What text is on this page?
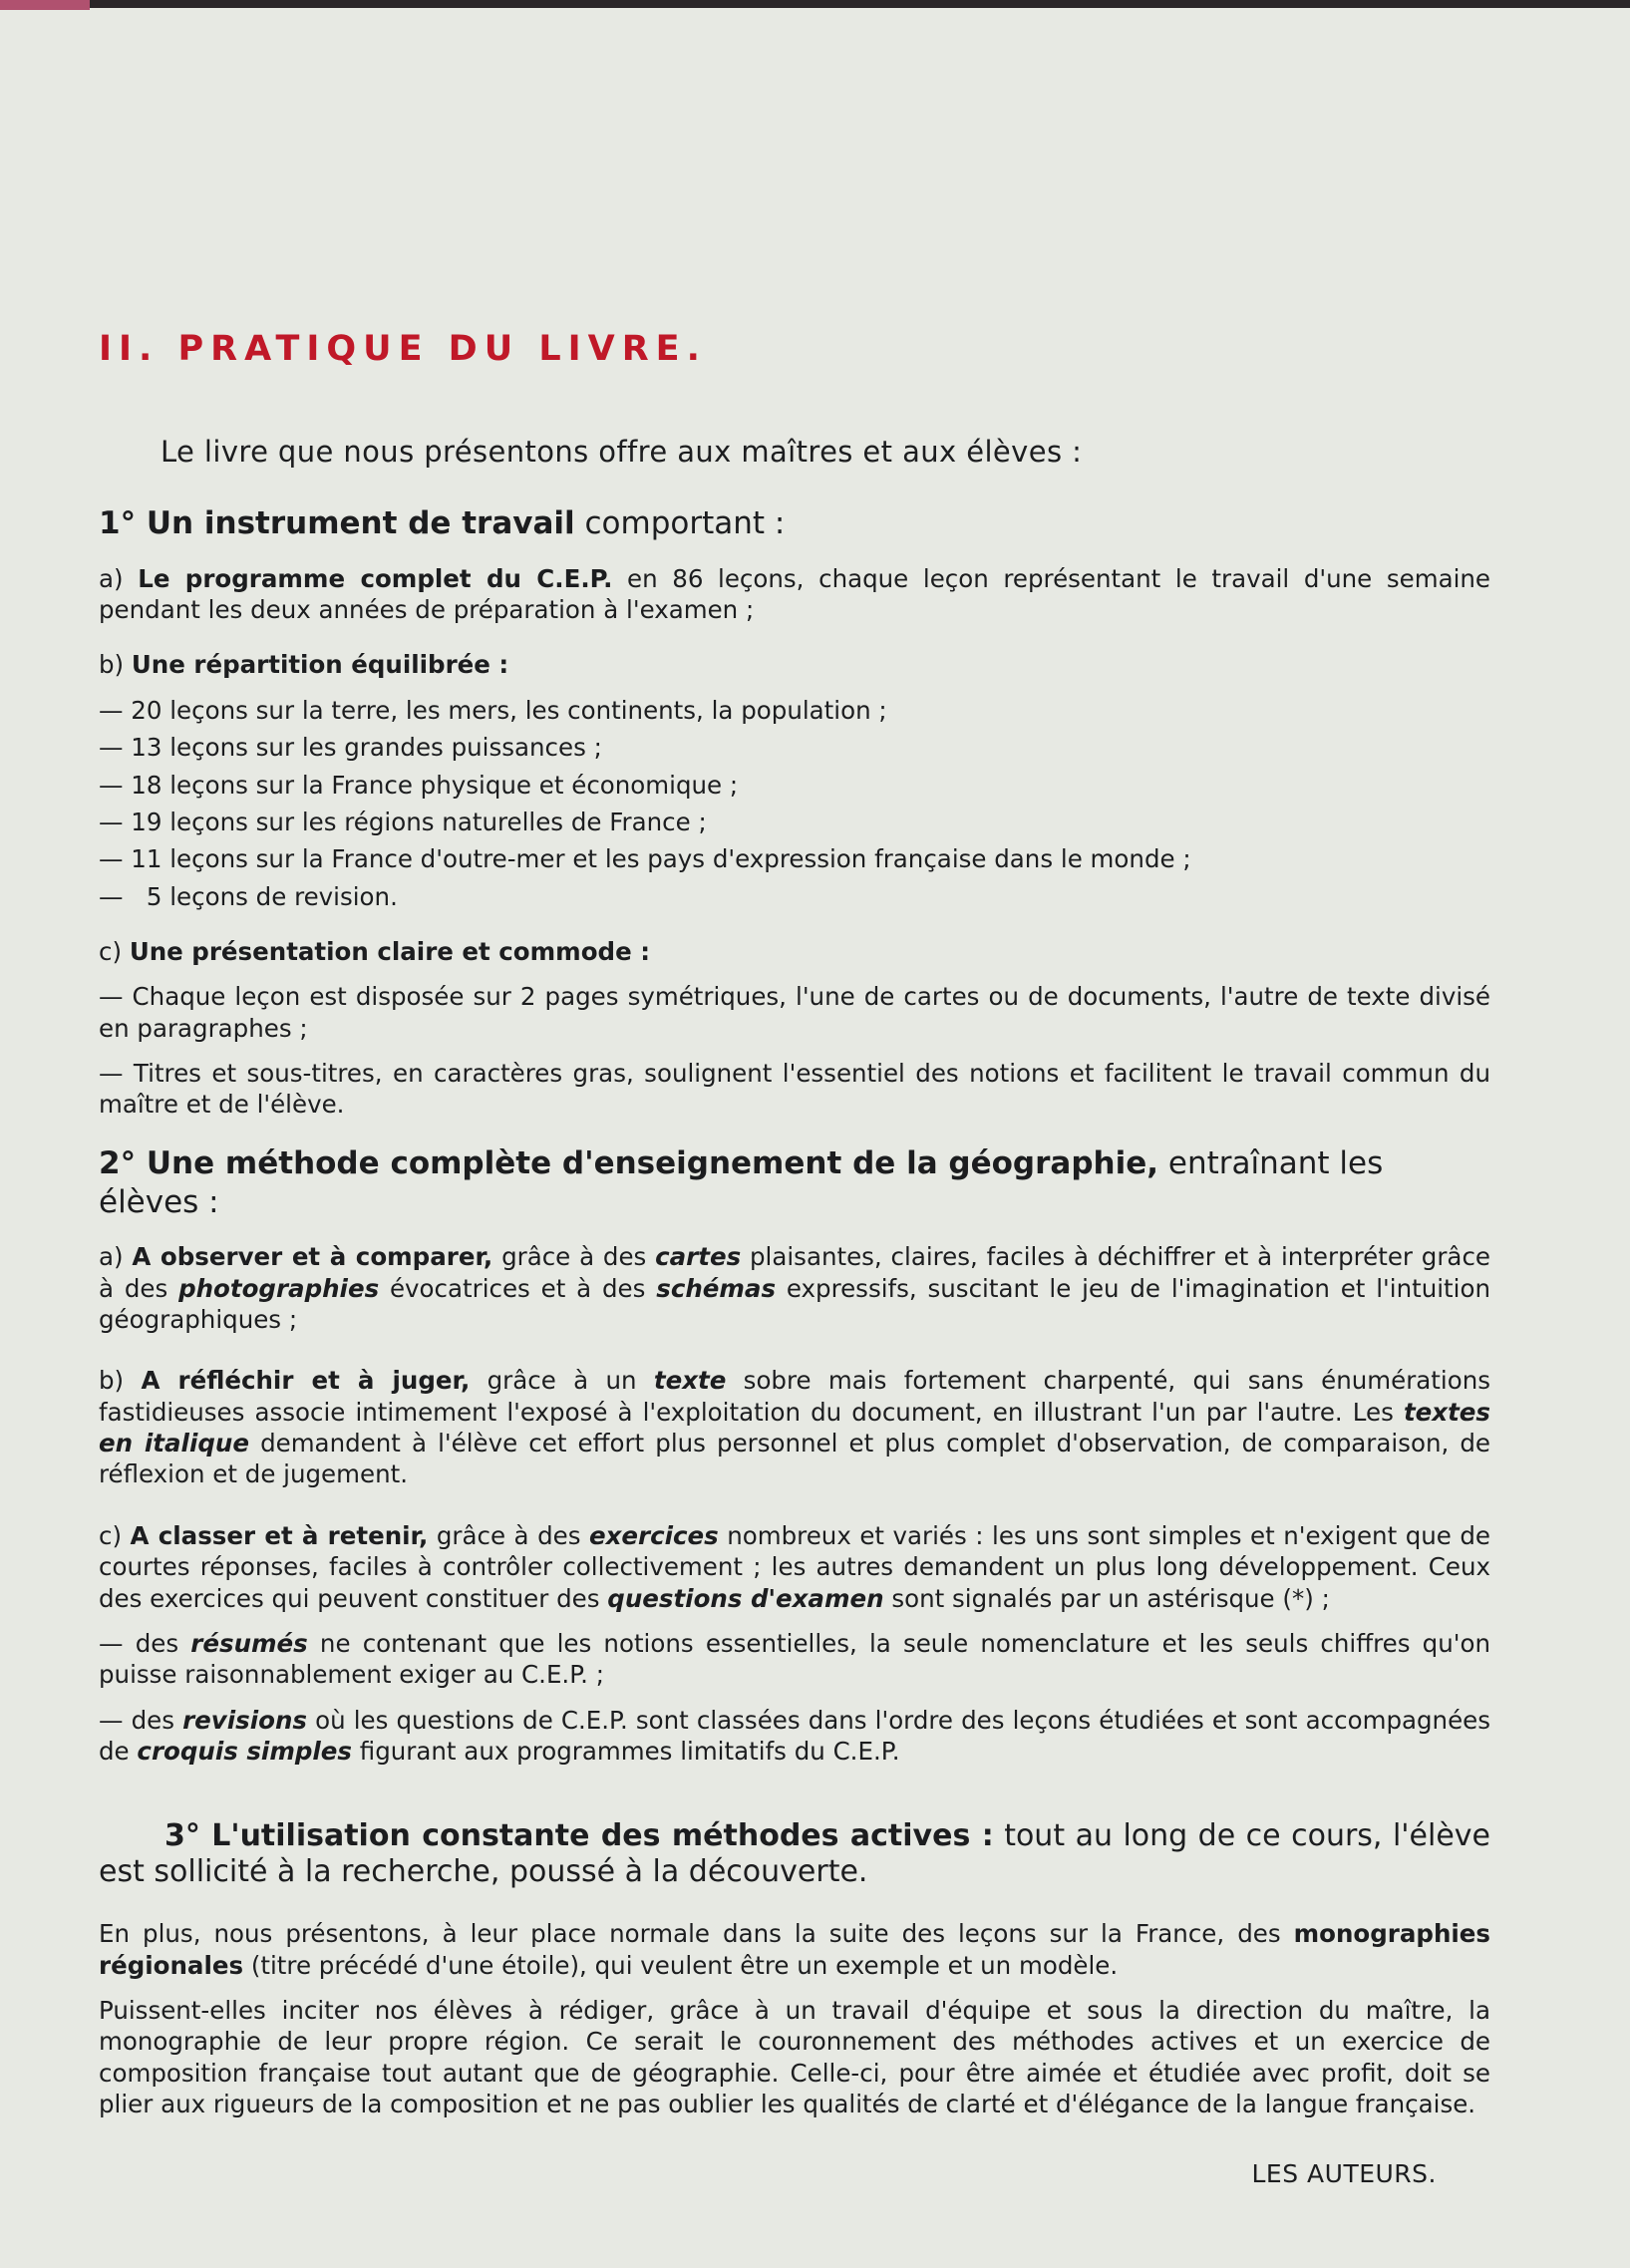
II. PRATIQUE DU LIVRE.

Le livre que nous présentons offre aux maîtres et aux élèves :

1° Un instrument de travail comportant :

a) Le programme complet du C.E.P. en 86 leçons, chaque leçon représentant le travail d'une semaine pendant les deux années de préparation à l'examen ;

b) Une répartition équilibrée :

— 20 leçons sur la terre, les mers, les continents, la population ;

— 13 leçons sur les grandes puissances ;

— 18 leçons sur la France physique et économique ;

— 19 leçons sur les régions naturelles de France ;

— 11 leçons sur la France d'outre-mer et les pays d'expression française dans le monde ;

—   5 leçons de revision.

c) Une présentation claire et commode :

— Chaque leçon est disposée sur 2 pages symétriques, l'une de cartes ou de documents, l'autre de texte divisé en paragraphes ;

— Titres et sous-titres, en caractères gras, soulignent l'essentiel des notions et facilitent le travail commun du maître et de l'élève.

2° Une méthode complète d'enseignement de la géographie, entraînant les élèves :

a) A observer et à comparer, grâce à des cartes plaisantes, claires, faciles à déchiffrer et à interpréter grâce à des photographies évocatrices et à des schémas expressifs, suscitant le jeu de l'imagination et l'intuition géographiques ;

b) A réfléchir et à juger, grâce à un texte sobre mais fortement charpenté, qui sans énumérations fastidieuses associe intimement l'exposé à l'exploitation du document, en illustrant l'un par l'autre. Les textes en italique demandent à l'élève cet effort plus personnel et plus complet d'observation, de comparaison, de réflexion et de jugement.

c) A classer et à retenir, grâce à des exercices nombreux et variés : les uns sont simples et n'exigent que de courtes réponses, faciles à contrôler collectivement ; les autres demandent un plus long développement. Ceux des exercices qui peuvent constituer des questions d'examen sont signalés par un astérisque (*) ;

— des résumés ne contenant que les notions essentielles, la seule nomenclature et les seuls chiffres qu'on puisse raisonnablement exiger au C.E.P. ;

— des revisions où les questions de C.E.P. sont classées dans l'ordre des leçons étudiées et sont accompagnées de croquis simples figurant aux programmes limitatifs du C.E.P.

3° L'utilisation constante des méthodes actives : tout au long de ce cours, l'élève est sollicité à la recherche, poussé à la découverte.

En plus, nous présentons, à leur place normale dans la suite des leçons sur la France, des monographies régionales (titre précédé d'une étoile), qui veulent être un exemple et un modèle.

Puissent-elles inciter nos élèves à rédiger, grâce à un travail d'équipe et sous la direction du maître, la monographie de leur propre région. Ce serait le couronnement des méthodes actives et un exercice de composition française tout autant que de géographie. Celle-ci, pour être aimée et étudiée avec profit, doit se plier aux rigueurs de la composition et ne pas oublier les qualités de clarté et d'élégance de la langue française.

LES AUTEURS.
